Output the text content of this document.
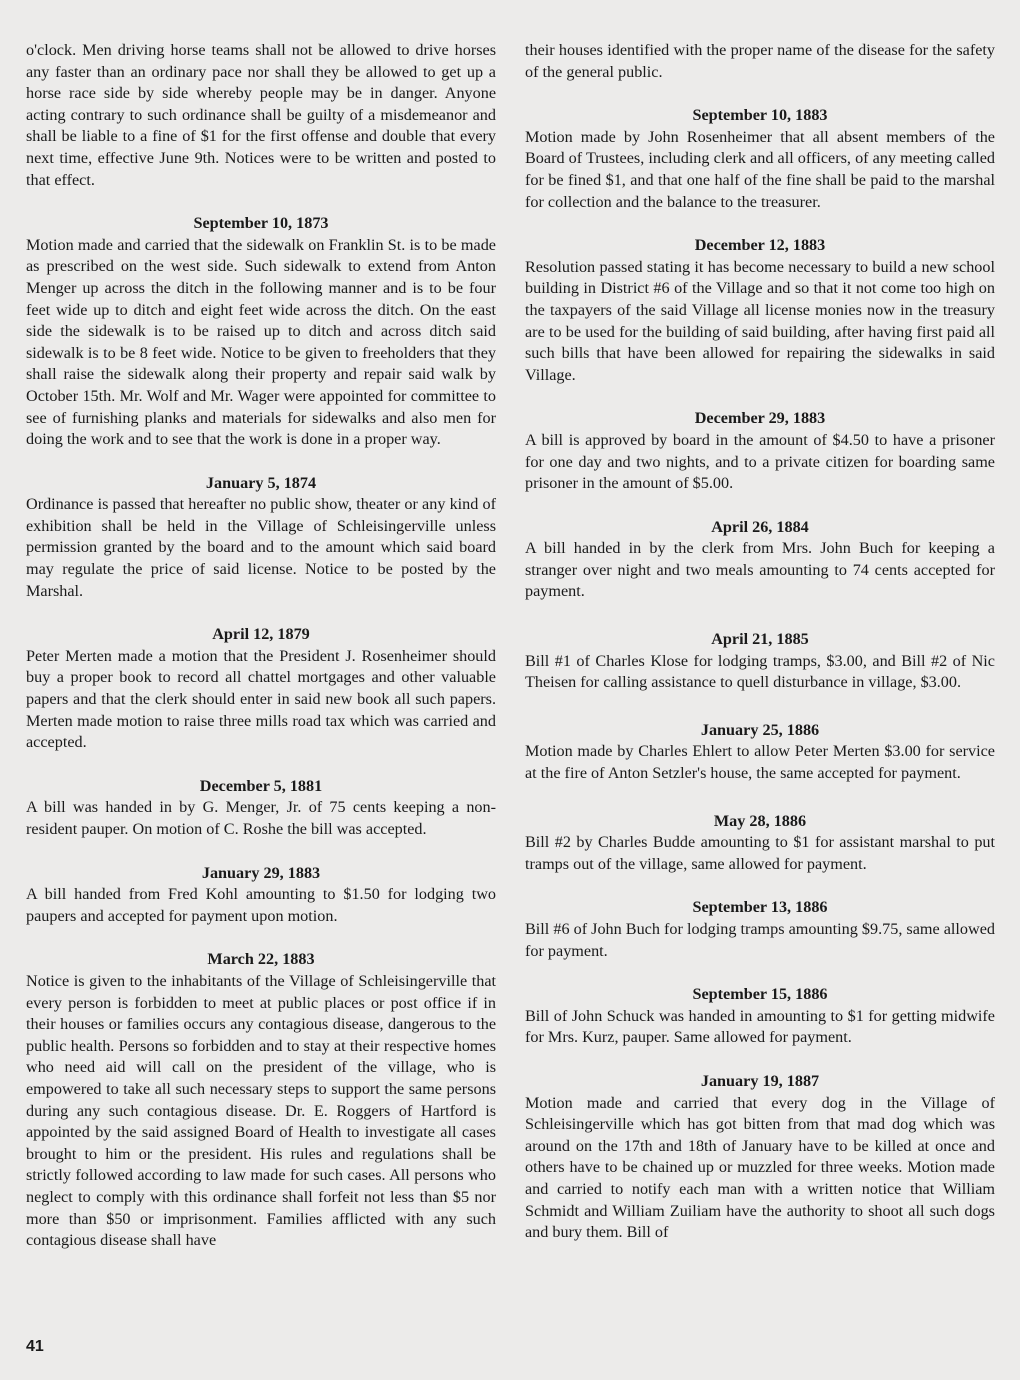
o'clock. Men driving horse teams shall not be allowed to drive horses any faster than an ordinary pace nor shall they be allowed to get up a horse race side by side whereby people may be in danger. Anyone acting contrary to such ordinance shall be guilty of a misdemeanor and shall be liable to a fine of $1 for the first offense and double that every next time, effective June 9th. Notices were to be written and posted to that effect.

September 10, 1873

Motion made and carried that the sidewalk on Franklin St. is to be made as prescribed on the west side. Such sidewalk to extend from Anton Menger up across the ditch in the following manner and is to be four feet wide up to ditch and eight feet wide across the ditch. On the east side the sidewalk is to be raised up to ditch and across ditch said sidewalk is to be 8 feet wide. Notice to be given to freeholders that they shall raise the sidewalk along their property and repair said walk by October 15th. Mr. Wolf and Mr. Wager were appointed for committee to see of furnishing planks and materials for sidewalks and also men for doing the work and to see that the work is done in a proper way.

January 5, 1874

Ordinance is passed that hereafter no public show, theater or any kind of exhibition shall be held in the Village of Schleisingerville unless permission granted by the board and to the amount which said board may regulate the price of said license. Notice to be posted by the Marshal.

April 12, 1879

Peter Merten made a motion that the President J. Rosenheimer should buy a proper book to record all chattel mortgages and other valuable papers and that the clerk should enter in said new book all such papers. Merten made motion to raise three mills road tax which was carried and accepted.

December 5, 1881

A bill was handed in by G. Menger, Jr. of 75 cents keeping a non-resident pauper. On motion of C. Roshe the bill was accepted.

January 29, 1883

A bill handed from Fred Kohl amounting to $1.50 for lodging two paupers and accepted for payment upon motion.

March 22, 1883

Notice is given to the inhabitants of the Village of Schleisingerville that every person is forbidden to meet at public places or post office if in their houses or families occurs any contagious disease, dangerous to the public health. Persons so forbidden and to stay at their respective homes who need aid will call on the president of the village, who is empowered to take all such necessary steps to support the same persons during any such contagious disease. Dr. E. Roggers of Hartford is appointed by the said assigned Board of Health to investigate all cases brought to him or the president. His rules and regulations shall be strictly followed according to law made for such cases. All persons who neglect to comply with this ordinance shall forfeit not less than $5 nor more than $50 or imprisonment. Families afflicted with any such contagious disease shall have

their houses identified with the proper name of the disease for the safety of the general public.

September 10, 1883

Motion made by John Rosenheimer that all absent members of the Board of Trustees, including clerk and all officers, of any meeting called for be fined $1, and that one half of the fine shall be paid to the marshal for collection and the balance to the treasurer.

December 12, 1883

Resolution passed stating it has become necessary to build a new school building in District #6 of the Village and so that it not come too high on the taxpayers of the said Village all license monies now in the treasury are to be used for the building of said building, after having first paid all such bills that have been allowed for repairing the sidewalks in said Village.

December 29, 1883

A bill is approved by board in the amount of $4.50 to have a prisoner for one day and two nights, and to a private citizen for boarding same prisoner in the amount of $5.00.

April 26, 1884

A bill handed in by the clerk from Mrs. John Buch for keeping a stranger over night and two meals amounting to 74 cents accepted for payment.

April 21, 1885

Bill #1 of Charles Klose for lodging tramps, $3.00, and Bill #2 of Nic Theisen for calling assistance to quell disturbance in village, $3.00.

January 25, 1886

Motion made by Charles Ehlert to allow Peter Merten $3.00 for service at the fire of Anton Setzler's house, the same accepted for payment.

May 28, 1886

Bill #2 by Charles Budde amounting to $1 for assistant marshal to put tramps out of the village, same allowed for payment.

September 13, 1886

Bill #6 of John Buch for lodging tramps amounting $9.75, same allowed for payment.

September 15, 1886

Bill of John Schuck was handed in amounting to $1 for getting midwife for Mrs. Kurz, pauper. Same allowed for payment.

January 19, 1887

Motion made and carried that every dog in the Village of Schleisingerville which has got bitten from that mad dog which was around on the 17th and 18th of January have to be killed at once and others have to be chained up or muzzled for three weeks. Motion made and carried to notify each man with a written notice that William Schmidt and William Zuiliam have the authority to shoot all such dogs and bury them. Bill of

41
